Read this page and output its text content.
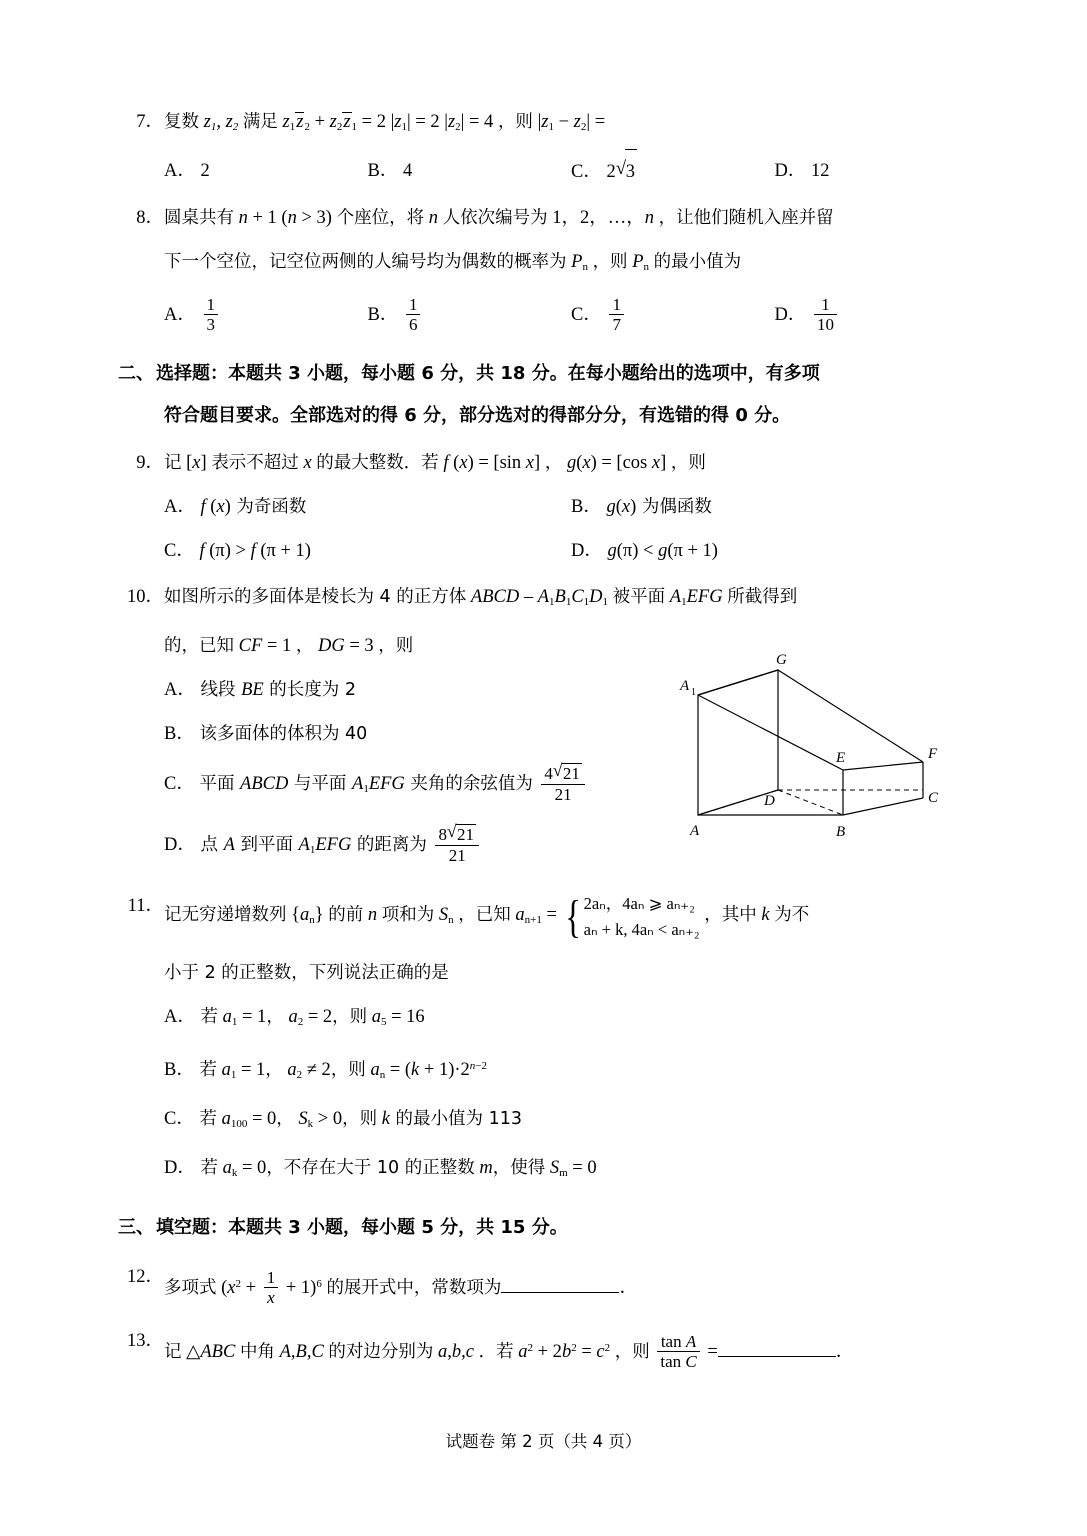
7． 复数 $z_1$, $z_2$ 满足 $z_1z_2 + z_2z_1 = 2$ $|z_1| = 2$ $|z_2| = 4$ ，则 $|z_1 - z_2|$ =
A． 2	B． 4	C． 2 √ 3	D． 12
8． 圆桌共有 n + 1 (n > 3) 个座位，将 n 人依次编号为 1，2，…，n ，让他们随机入座并留
下一个空位，记空位两侧的人编号均为偶数的概率为 $P_n$ ，则 $P_n$ 的最小值为
A． $\frac{1}{3}$	B． $\frac{1}{6}$	C． $\frac{1}{7}$	D． $\frac{1}{10}$
二、 选择题：本题共 3 小题，每小题 6 分，共 18 分。在每小题给出的选项中，有多项
符合题目要求。全部选对的得 6 分，部分选对的得部分分，有选错的得 0 分。
9． 记 [x] 表示不超过 x 的最大整数．若 f (x) = [sin x] ， g(x) = [cos x] ，则
A． f (x) 为奇函数	B． g(x) 为偶函数
C． f (π) > f (π + 1)	D． g(π) < g(π + 1)
10． 如图所示的多面体是棱长为 4 的正方体 ABCD – $A_1B_1C_1D_1$ 被平面 $A_1EFG$ 所截得到
的，已知 CF = 1 ， DG = 3 ，则
A． 线段 BE 的长度为 2
B． 该多面体的体积为 40
C． 平面 ABCD 与平面 $A_1EFG$ 夹角的余弦值为 $\frac{4 √ 21}{21}$
D． 点 A 到平面 $A_1EFG$ 的距离为 $\frac{8 √ 21}{21}$
A 1
G
E	F
D	C
A	B
11． 记无穷递增数列 $\{a_n\}$ 的前 n 项和为 $S_n$ ，已知 $a_{n+1}$ = { 2aₙ，4aₙ ⩾ aₙ₊₂
aₙ + k, 4aₙ < aₙ₊₂
，其中 k 为不
小于 2 的正整数，下列说法正确的是
A． 若 $a_1 = 1$， $a_2 = 2$，则 $a_5 = 16$
B． 若 $a_1 = 1$， $a_2 \ne 2$，则 $a_n = (k + 1)\cdot 2^{n-2}$
C． 若 $a_{100} = 0$， $S_k > 0$，则 k 的最小值为 113
D． 若 $a_k = 0$，不存在大于 10 的正整数 m，使得 $S_m = 0$
三、 填空题：本题共 3 小题，每小题 5 分，共 15 分。
12．
多项式 $(x^2 + \frac{1}{x} + 1)^6$ 的展开式中，常数项为	．
13．
记 △ABC 中角 A,B,C 的对边分别为 a,b,c ．若 $a^2 + 2b^2 = c^2$ ，则 $\frac{\text{tan A}}{\text{tan C}}$ =	．
试题卷 第 2 页（共 4 页）
